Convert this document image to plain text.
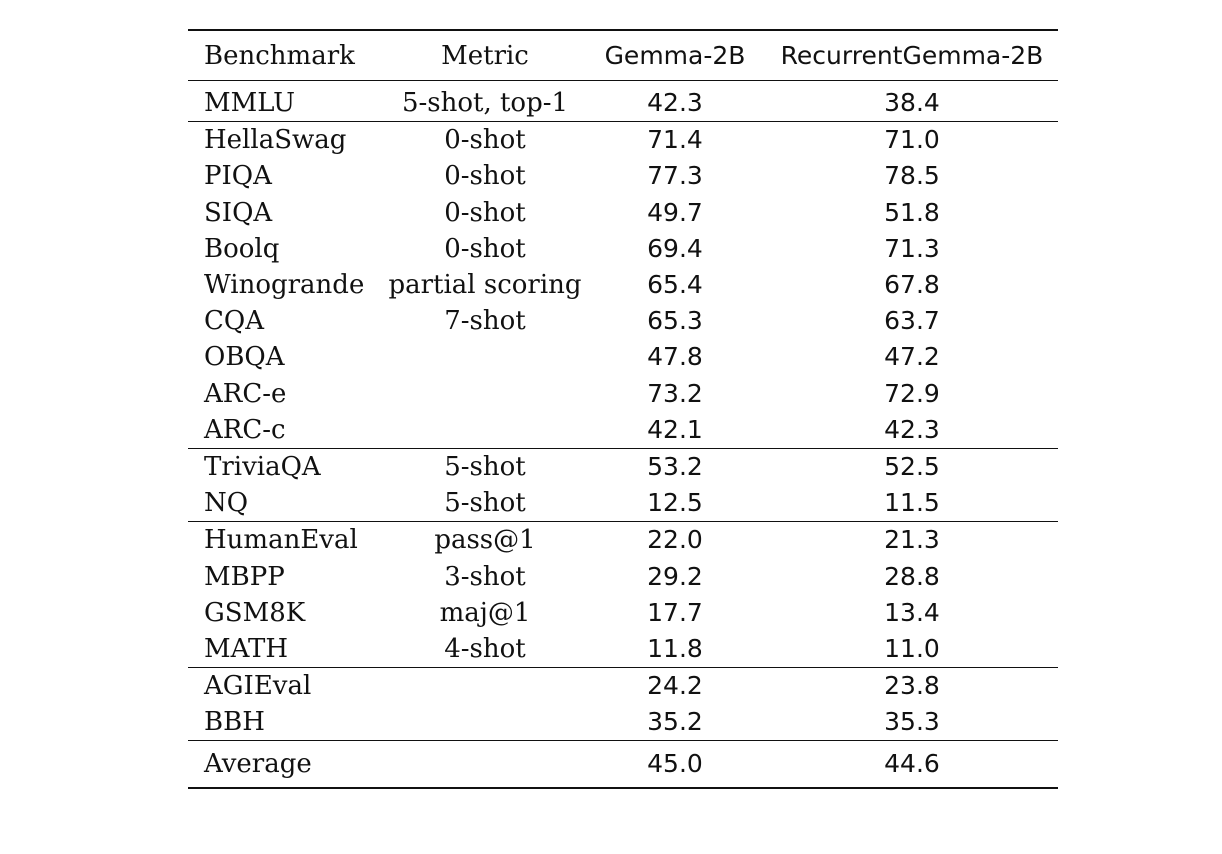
Benchmark	Metric	Gemma-2B	RecurrentGemma-2B
MMLU	5-shot, top-1	42.3	38.4
HellaSwag	0-shot	71.4	71.0
PIQA	0-shot	77.3	78.5
SIQA	0-shot	49.7	51.8
Boolq	0-shot	69.4	71.3
Winogrande	partial scoring	65.4	67.8
CQA	7-shot	65.3	63.7
OBQA		47.8	47.2
ARC-e		73.2	72.9
ARC-c		42.1	42.3
TriviaQA	5-shot	53.2	52.5
NQ	5-shot	12.5	11.5
HumanEval	pass@1	22.0	21.3
MBPP	3-shot	29.2	28.8
GSM8K	maj@1	17.7	13.4
MATH	4-shot	11.8	11.0
AGIEval		24.2	23.8
BBH		35.2	35.3
Average		45.0	44.6
